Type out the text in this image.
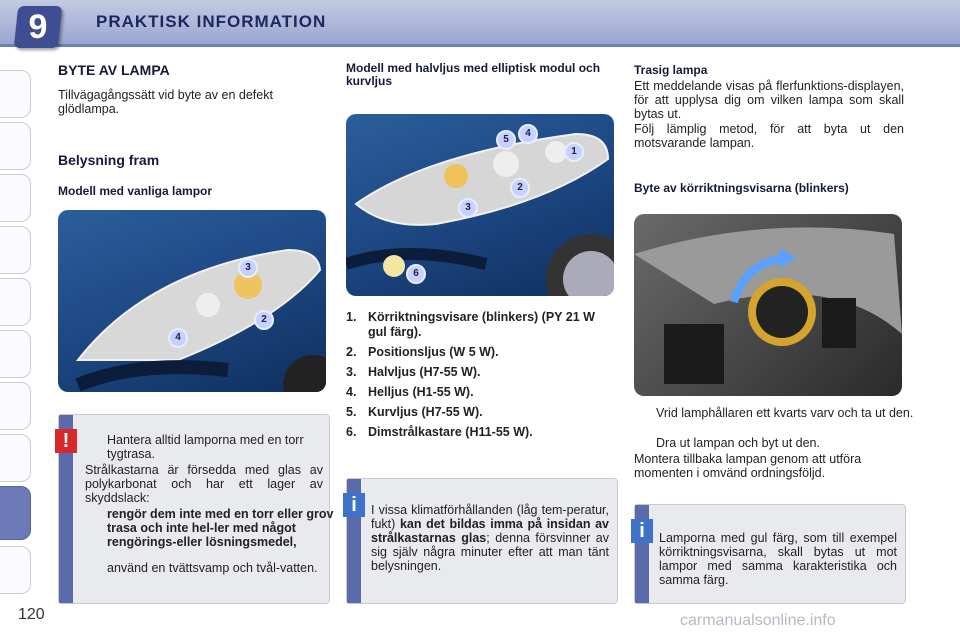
9	PRAKTISK INFORMATION
BYTE AV LAMPA
Tillvägagångssätt vid byte av en defekt glödlampa.
Belysning fram
Modell med vanliga lampor
3
2
4
!	Hantera alltid lamporna med en torr tygtrasa.
Strålkastarna är försedda med glas av polykarbonat och har ett lager av skyddslack:
rengör dem inte med en torr eller grov trasa och inte hel-ler med något rengörings-eller lösningsmedel,
använd en tvättsvamp och tvål-vatten.
Modell med halvljus med elliptisk modul och kurvljus
5
4
1
2
3
6
1. Körriktningsvisare (blinkers) (PY 21 W gul färg).
2. Positionsljus (W 5 W).
3. Halvljus (H7-55 W).
4. Helljus (H1-55 W).
5. Kurvljus (H7-55 W).
6. Dimstrålkastare (H11-55 W).
i	I vissa klimatförhållanden (låg tem-peratur, fukt) kan det bildas imma på insidan av strålkastarnas glas; denna försvinner av sig själv några minuter efter att man tänt belysningen.
Trasig lampa
Ett meddelande visas på flerfunktions-displayen, för att upplysa dig om vilken lampa som skall bytas ut.
Följ lämplig metod, för att byta ut den motsvarande lampan.
Byte av körriktningsvisarna (blinkers)
Vrid lamphållaren ett kvarts varv och ta ut den.
Dra ut lampan och byt ut den.
Montera tillbaka lampan genom att utföra momenten i omvänd ordningsföljd.
i	Lamporna med gul färg, som till exempel körriktningsvisarna, skall bytas ut mot lampor med samma karakteristika och samma färg.
120	carmanualsonline.info
